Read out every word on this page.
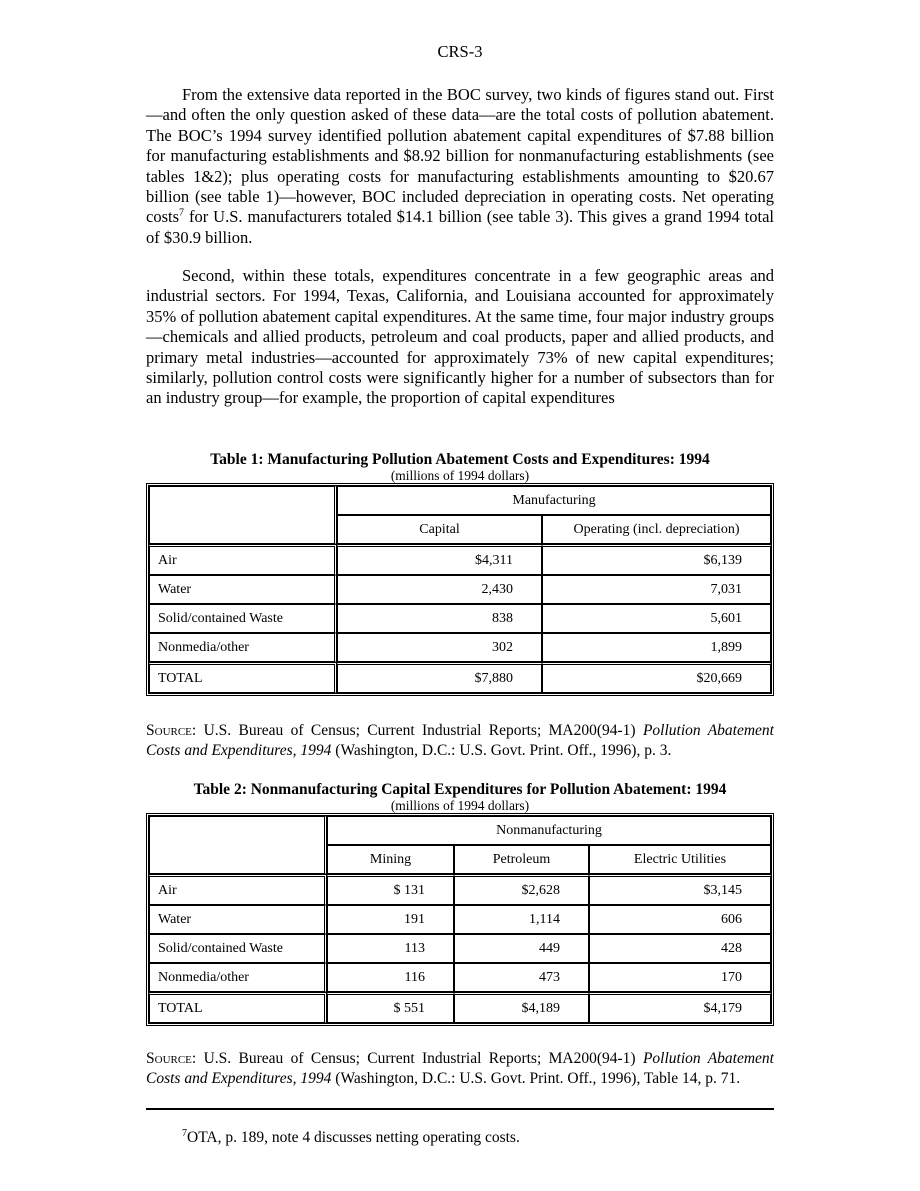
CRS-3

From the extensive data reported in the BOC survey, two kinds of figures stand out. First—and often the only question asked of these data—are the total costs of pollution abatement. The BOC’s 1994 survey identified pollution abatement capital expenditures of $7.88 billion for manufacturing establishments and $8.92 billion for nonmanufacturing establishments (see tables 1&2); plus operating costs for manufacturing establishments amounting to $20.67 billion (see table 1)—however, BOC included depreciation in operating costs. Net operating costs$^7$ for U.S. manufacturers totaled $14.1 billion (see table 3). This gives a grand 1994 total of $30.9 billion.

Second, within these totals, expenditures concentrate in a few geographic areas and industrial sectors. For 1994, Texas, California, and Louisiana accounted for approximately 35% of pollution abatement capital expenditures. At the same time, four major industry groups—chemicals and allied products, petroleum and coal products, paper and allied products, and primary metal industries—accounted for approximately 73% of new capital expenditures; similarly, pollution control costs were significantly higher for a number of subsectors than for an industry group—for example, the proportion of capital expenditures

Table 1: Manufacturing Pollution Abatement Costs and Expenditures: 1994
(millions of 1994 dollars)
	Manufacturing	
	Capital	Operating (incl. depreciation)
Air	$4,311	$6,139
Water	2,430	7,031
Solid/contained Waste	838	5,601
Nonmedia/other	302	1,899
TOTAL	$7,880	$20,669

Source: U.S. Bureau of Census; Current Industrial Reports; MA200(94-1) Pollution Abatement Costs and Expenditures, 1994 (Washington, D.C.: U.S. Govt. Print. Off., 1996), p. 3.

Table 2: Nonmanufacturing Capital Expenditures for Pollution Abatement: 1994
(millions of 1994 dollars)
	Nonmanufacturing		
	Mining	Petroleum	Electric Utilities
Air	$ 131	$2,628	$3,145
Water	191	1,114	606
Solid/contained Waste	113	449	428
Nonmedia/other	116	473	170
TOTAL	$ 551	$4,189	$4,179

Source: U.S. Bureau of Census; Current Industrial Reports; MA200(94-1) Pollution Abatement Costs and Expenditures, 1994 (Washington, D.C.: U.S. Govt. Print. Off., 1996), Table 14, p. 71.

$^7$OTA, p. 189, note 4 discusses netting operating costs.
